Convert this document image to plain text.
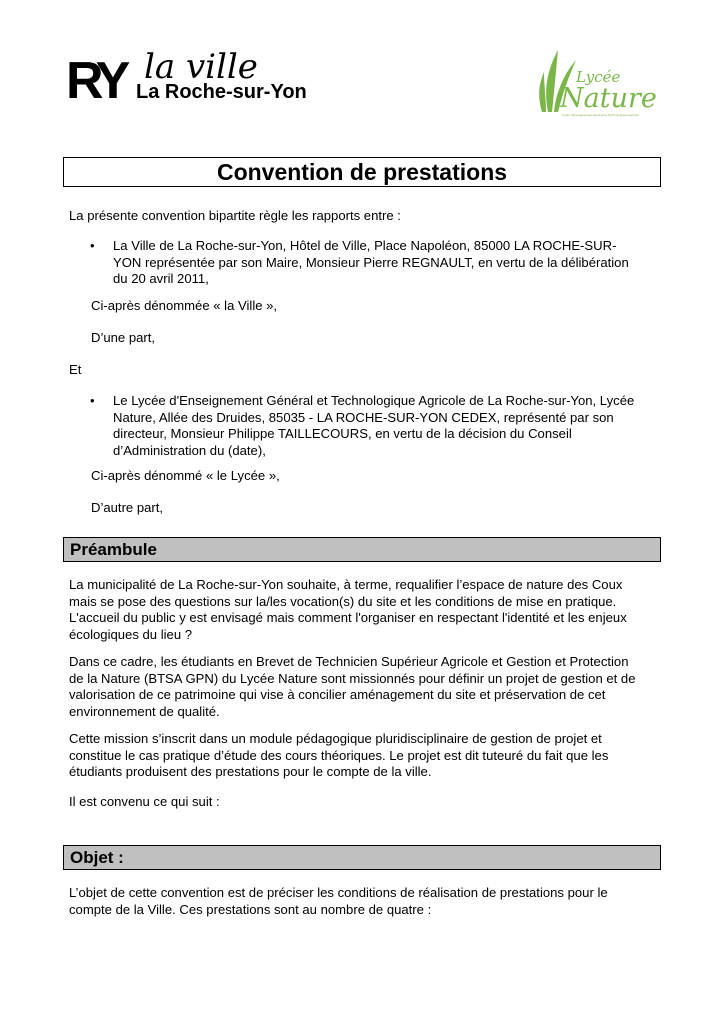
RY la ville
La Roche-sur-Yon
Lycée
Nature
Lycée d'Enseignement Général et Technologique Agricole
Convention de prestations

La présente convention bipartite règle les rapports entre :

• La Ville de La Roche-sur-Yon, Hôtel de Ville, Place Napoléon, 85000 LA ROCHE-SUR-
YON représentée par son Maire, Monsieur Pierre REGNAULT, en vertu de la délibération
du 20 avril 2011,

Ci-après dénommée « la Ville »,

D’une part,

Et

• Le Lycée d'Enseignement Général et Technologique Agricole de La Roche-sur-Yon, Lycée
Nature, Allée des Druides, 85035 - LA ROCHE-SUR-YON CEDEX, représenté par son
directeur, Monsieur Philippe TAILLECOURS, en vertu de la décision du Conseil
d’Administration du (date),

Ci-après dénommé « le Lycée »,

D’autre part,

Préambule
La municipalité de La Roche-sur-Yon souhaite, à terme, requalifier l’espace de nature des Coux
mais se pose des questions sur la/les vocation(s) du site et les conditions de mise en pratique.
L'accueil du public y est envisagé mais comment l'organiser en respectant l'identité et les enjeux
écologiques du lieu ?
Dans ce cadre, les étudiants en Brevet de Technicien Supérieur Agricole et Gestion et Protection
de la Nature (BTSA GPN) du Lycée Nature sont missionnés pour définir un projet de gestion et de
valorisation de ce patrimoine qui vise à concilier aménagement du site et préservation de cet
environnement de qualité.
Cette mission s’inscrit dans un module pédagogique pluridisciplinaire de gestion de projet et
constitue le cas pratique d’étude des cours théoriques. Le projet est dit tuteuré du fait que les
étudiants produisent des prestations pour le compte de la ville.

Il est convenu ce qui suit :

Objet :
L’objet de cette convention est de préciser les conditions de réalisation de prestations pour le
compte de la Ville. Ces prestations sont au nombre de quatre :
